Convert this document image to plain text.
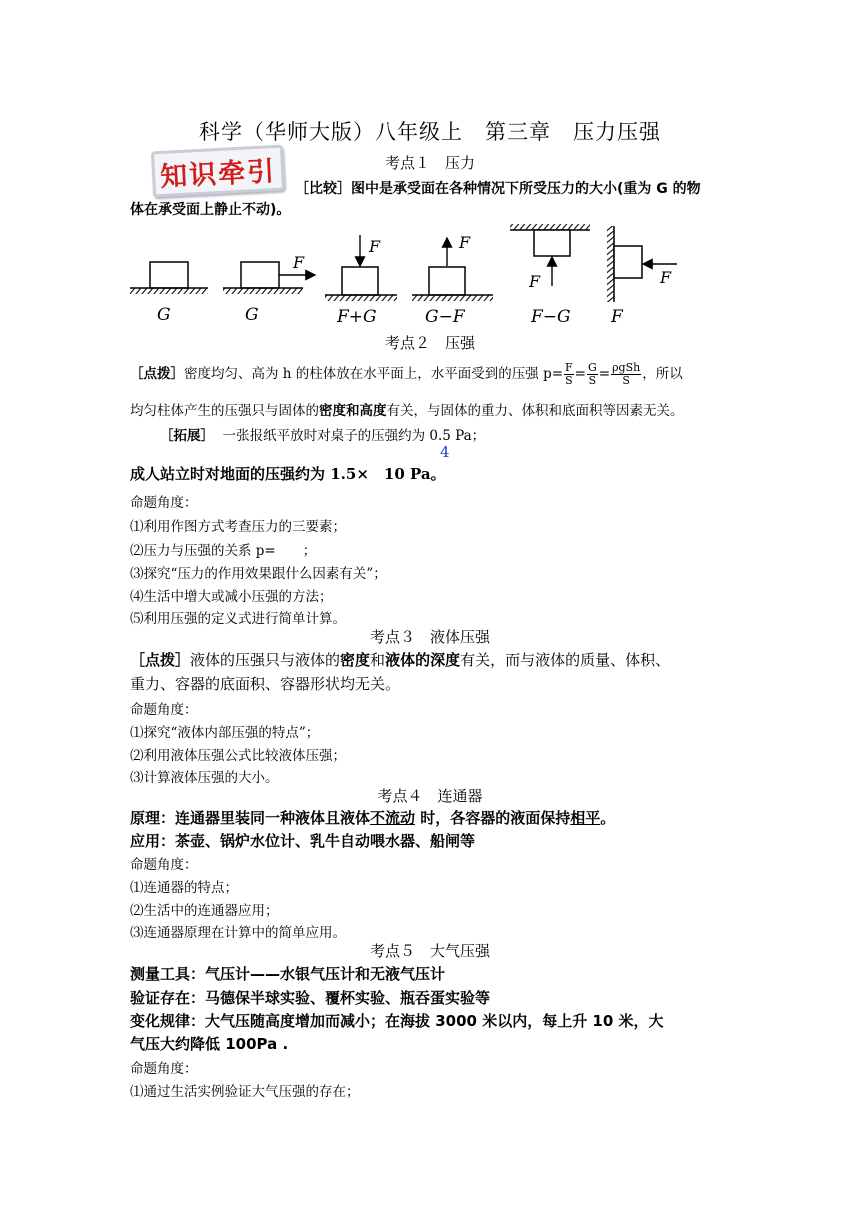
科学（华师大版）八年级上　第三章　压力压强
知识牵引	考点１　压力
［比较］图中是承受面在各种情况下所受压力的大小(重为 G 的物
体在承受面上静止不动)。
F
F	F
F	F
G	G	F+G	G−F	F−G F
考点２　压强
［点拨］密度均匀、高为 h 的柱体放在水平面上，水平面受到的压强 $p= \frac{F}{S} = \frac{G}{S} = \frac{\text{ρgSh}}{S}$ ，所以
均匀柱体产生的压强只与固体的密度和高度有关，与固体的重力、体积和底面积等因素无关。
［拓展］ 一张报纸平放时对桌子的压强约为 0.5 Pa；
4
成人站立时对地面的压强约为 1.5×　10 Pa。
命题角度：
⑴利用作图方式考查压力的三要素；
⑵压力与压强的关系 p=　　；
⑶探究“压力的作用效果跟什么因素有关”；
⑷生活中增大或减小压强的方法；
⑸利用压强的定义式进行简单计算。
考点３　液体压强
［点拨］液体的压强只与液体的密度和液体的深度有关，而与液体的质量、体积、
重力、容器的底面积、容器形状均无关。
命题角度：
⑴探究“液体内部压强的特点”；
⑵利用液体压强公式比较液体压强；
⑶计算液体压强的大小。
考点４　连通器
原理：连通器里装同一种液体且液体不流动 时，各容器的液面保持相平。
应用：茶壶、锅炉水位计、乳牛自动喂水器、船闸等
命题角度：
⑴连通器的特点；
⑵生活中的连通器应用；
⑶连通器原理在计算中的简单应用。
考点５　大气压强
测量工具：气压计——水银气压计和无液气压计
验证存在：马德保半球实验、覆杯实验、瓶吞蛋实验等
变化规律：大气压随高度增加而减小；在海拔 3000 米以内，每上升 10 米，大
气压大约降低 100Pa .
命题角度：
⑴通过生活实例验证大气压强的存在；
